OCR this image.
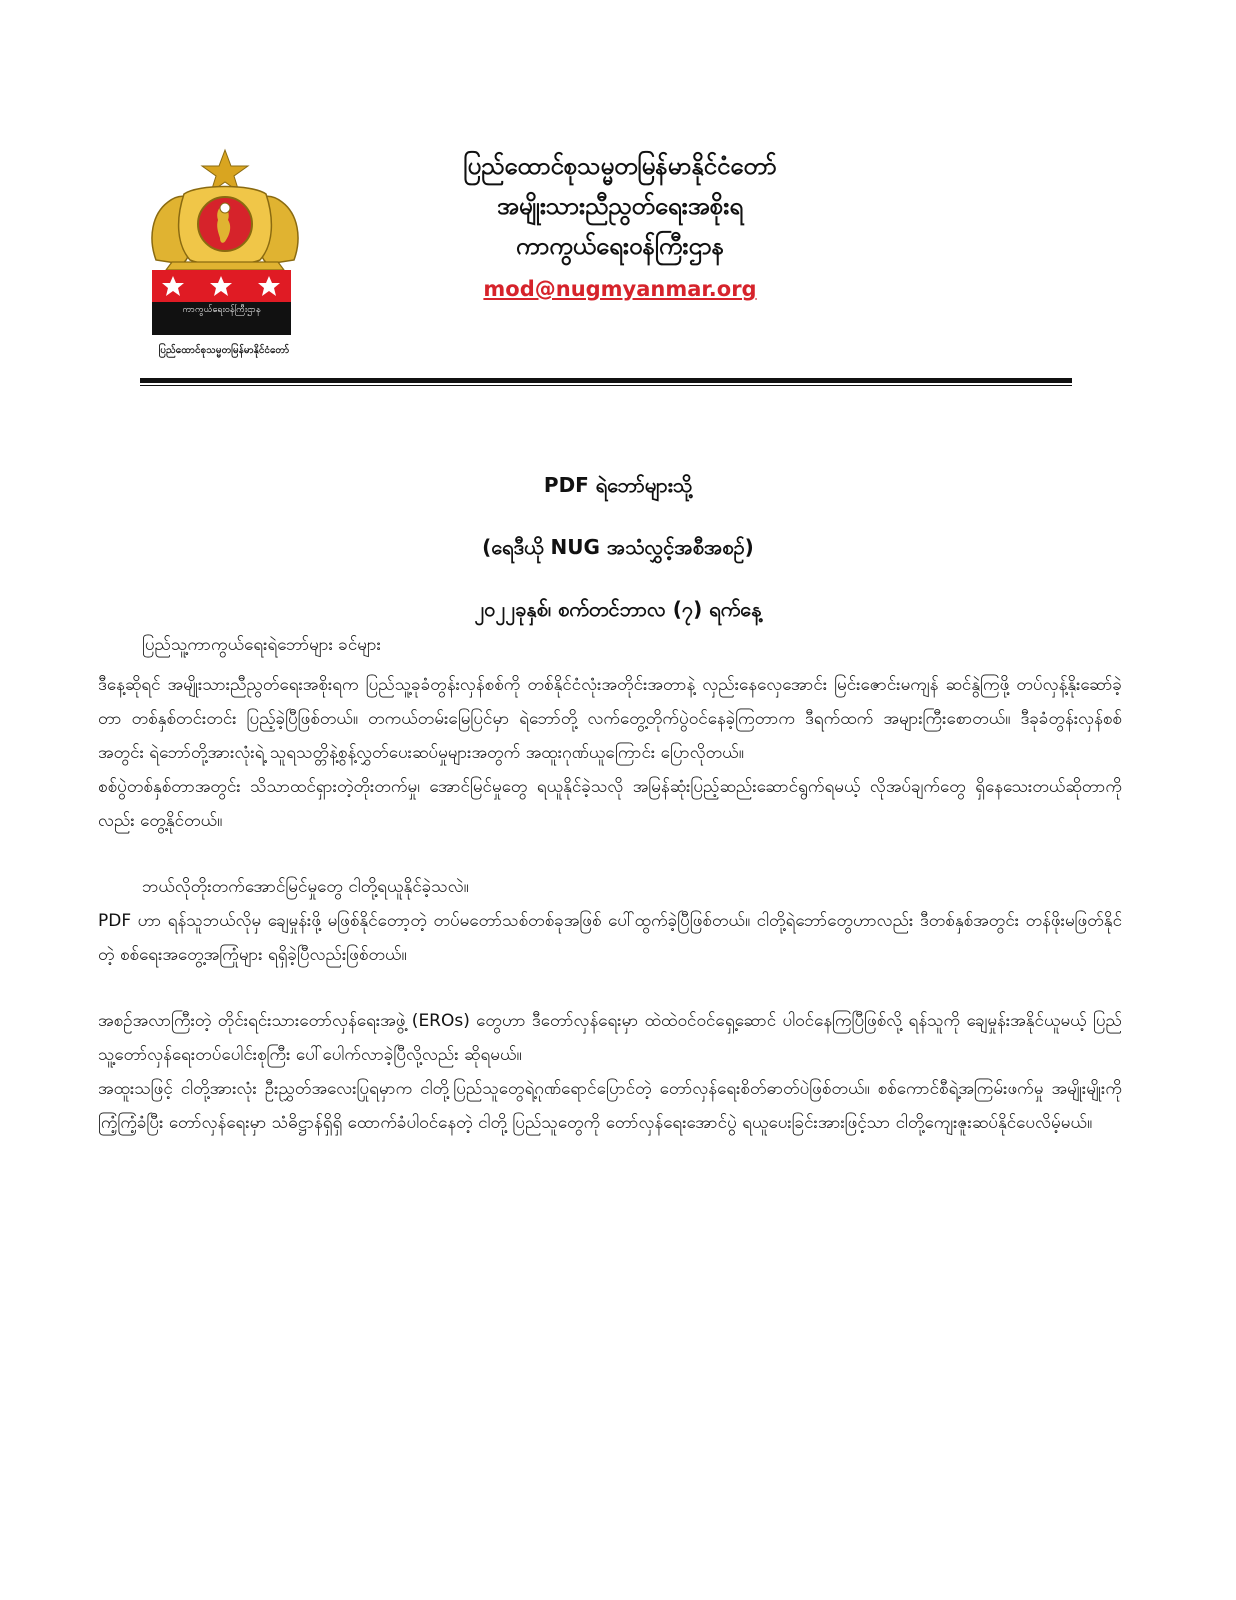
ကာကွယ်ရေးဝန်ကြီးဌာန
ပြည်ထောင်စုသမ္မတမြန်မာနိုင်ငံတော်
ပြည်ထောင်စုသမ္မတမြန်မာနိုင်ငံတော်
အမျိုးသားညီညွတ်ရေးအစိုးရ
ကာကွယ်ရေးဝန်ကြီးဌာန
mod@nugmyanmar.org
PDF ရဲဘော်များသို့
(ရေဒီယို NUG အသံလွှင့်အစီအစဉ်)
၂၀၂၂ခုနှစ်၊ စက်တင်ဘာလ (၇) ရက်နေ့
ပြည်သူ့ကာကွယ်ရေးရဲဘော်များ ခင်များ

ဒီနေ့ဆိုရင် အမျိုးသားညီညွတ်ရေးအစိုးရက ပြည်သူ့ခုခံတွန်းလှန်စစ်ကို တစ်နိုင်ငံလုံးအတိုင်းအတာနဲ့ လှည်းနေလှေအောင်း မြင်းဇောင်းမကျန် ဆင်နွဲကြဖို့ တပ်လှန့်နိုးဆော်ခဲ့တာ တစ်နှစ်တင်းတင်း ပြည့်ခဲ့ပြီဖြစ်တယ်။ တကယ်တမ်းမြေပြင်မှာ ရဲဘော်တို့ လက်တွေ့တိုက်ပွဲဝင်နေခဲ့ကြတာက ဒီရက်ထက် အများကြီးစောတယ်။ ဒီခုခံတွန်းလှန်စစ်အတွင်း ရဲဘော်တို့အားလုံးရဲ့ သူရသတ္တိနဲ့စွန့်လွှတ်ပေးဆပ်မှုများအတွက် အထူးဂုဏ်ယူကြောင်း ပြောလိုတယ်။

စစ်ပွဲတစ်နှစ်တာအတွင်း သိသာထင်ရှားတဲ့တိုးတက်မှု၊ အောင်မြင်မှုတွေ ရယူနိုင်ခဲ့သလို အမြန်ဆုံးပြည့်ဆည်းဆောင်ရွက်ရမယ့် လိုအပ်ချက်တွေ ရှိနေသေးတယ်ဆိုတာကိုလည်း တွေ့နိုင်တယ်။

ဘယ်လိုတိုးတက်အောင်မြင်မှုတွေ ငါတို့ရယူနိုင်ခဲ့သလဲ။

PDF ဟာ ရန်သူဘယ်လိုမှ ချေမှုန်းဖို့ မဖြစ်နိုင်တော့တဲ့ တပ်မတော်သစ်တစ်ခုအဖြစ် ပေါ်ထွက်ခဲ့ပြီဖြစ်တယ်။ ငါတို့ရဲဘော်တွေဟာလည်း ဒီတစ်နှစ်အတွင်း တန်ဖိုးမဖြတ်နိုင်တဲ့ စစ်ရေးအတွေ့အကြုံများ ရရှိခဲ့ပြီလည်းဖြစ်တယ်။

အစဉ်အလာကြီးတဲ့ တိုင်းရင်းသားတော်လှန်ရေးအဖွဲ့ (EROs) တွေဟာ ဒီတော်လှန်ရေးမှာ ထဲထဲဝင်ဝင်ရှေ့ဆောင် ပါဝင်နေကြပြီဖြစ်လို့ ရန်သူကို ချေမှုန်းအနိုင်ယူမယ့် ပြည်သူ့တော်လှန်ရေးတပ်ပေါင်းစုကြီး ပေါ်ပေါက်လာခဲ့ပြီလို့လည်း ဆိုရမယ်။

အထူးသဖြင့် ငါတို့အားလုံး ဦးညွှတ်အလေးပြုရမှာက ငါတို့ပြည်သူတွေရဲ့ဂုဏ်ရောင်ပြောင်တဲ့ တော်လှန်ရေးစိတ်ဓာတ်ပဲဖြစ်တယ်။ စစ်ကောင်စီရဲ့အကြမ်းဖက်မှု အမျိုးမျိုးကို ကြံ့ကြံ့ခံပြီး တော်လှန်ရေးမှာ သံဓိဋ္ဌာန်ရှိရှိ ထောက်ခံပါဝင်နေတဲ့ ငါတို့ ပြည်သူတွေကို တော်လှန်ရေးအောင်ပွဲ ရယူပေးခြင်းအားဖြင့်သာ ငါတို့ကျေးဇူးဆပ်နိုင်ပေလိမ့်မယ်။
